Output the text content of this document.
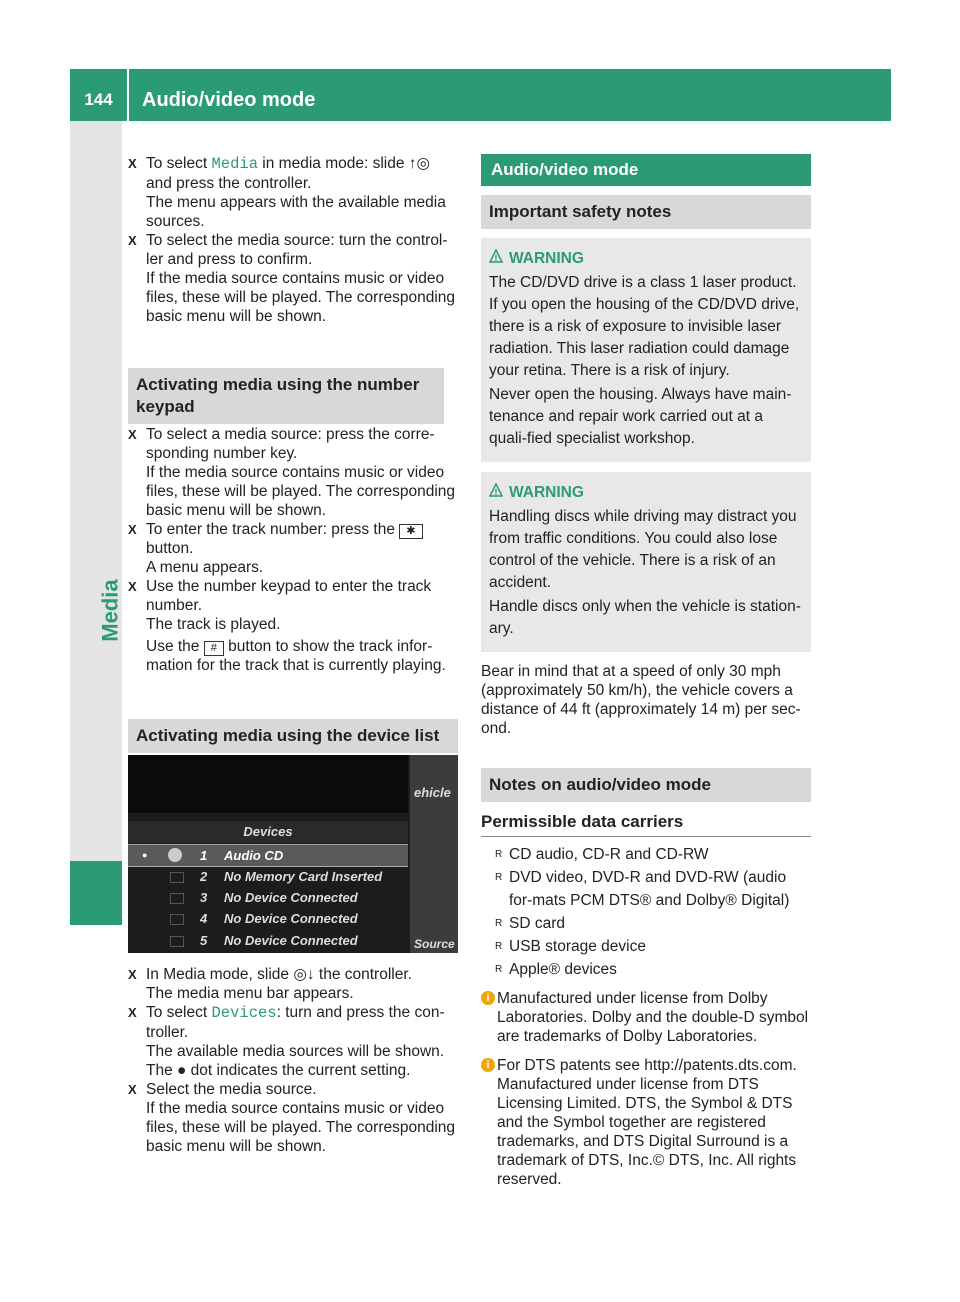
144	Audio/video mode
Media
X To select Media in media mode: slide ↑◎ and press the controller.
The menu appears with the available media sources.
X To select the media source: turn the control-ler and press to confirm.
If the media source contains music or video files, these will be played. The corresponding basic menu will be shown.
Activating media using the number keypad
X To select a media source: press the corre-sponding number key.
If the media source contains music or video files, these will be played. The corresponding basic menu will be shown.
X To enter the track number: press the ✱
button.
A menu appears.
X Use the number keypad to enter the track number.
The track is played.
Use the # button to show the track infor-mation for the track that is currently playing.
Activating media using the device list
ehicle
Source
Devices
●	1 Audio CD
2 No Memory Card Inserted
3 No Device Connected
4 No Device Connected
5 No Device Connected
X In Media mode, slide ◎↓ the controller.
The media menu bar appears.
X To select Devices: turn and press the con-troller.
The available media sources will be shown.
The ● dot indicates the current setting.
X Select the media source.
If the media source contains music or video files, these will be played. The corresponding basic menu will be shown.
Audio/video mode
Important safety notes
! WARNING
The CD/DVD drive is a class 1 laser product. If you open the housing of the CD/DVD drive, there is a risk of exposure to invisible laser radiation. This laser radiation could damage your retina. There is a risk of injury.
Never open the housing. Always have main-tenance and repair work carried out at a quali-fied specialist workshop.
! WARNING
Handling discs while driving may distract you from traffic conditions. You could also lose control of the vehicle. There is a risk of an accident.
Handle discs only when the vehicle is station-ary.
Bear in mind that at a speed of only 30 mph (approximately 50 km/h), the vehicle covers a distance of 44 ft (approximately 14 m) per sec-ond.
Notes on audio/video mode
Permissible data carriers
R CD audio, CD-R and CD-RW
R DVD video, DVD-R and DVD-RW (audio for-mats PCM DTS® and Dolby® Digital)
R SD card
R USB storage device
R Apple® devices
i Manufactured under license from Dolby Laboratories. Dolby and the double-D symbol are trademarks of Dolby Laboratories.
i For DTS patents see http://patents.dts.com. Manufactured under license from DTS Licensing Limited. DTS, the Symbol & DTS and the Symbol together are registered trademarks, and DTS Digital Surround is a trademark of DTS, Inc.© DTS, Inc. All rights reserved.
